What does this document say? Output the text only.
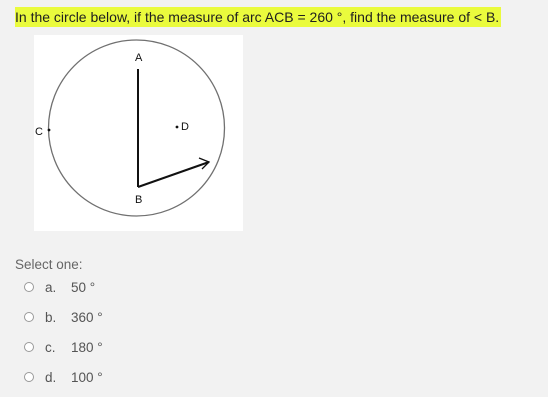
In the circle below, if the measure of arc ACB = 260 °, find the measure of < B.
A
B
C	D
Select one:
a.	50 °
b.	360 °
c.	180 °
d.	100 °
